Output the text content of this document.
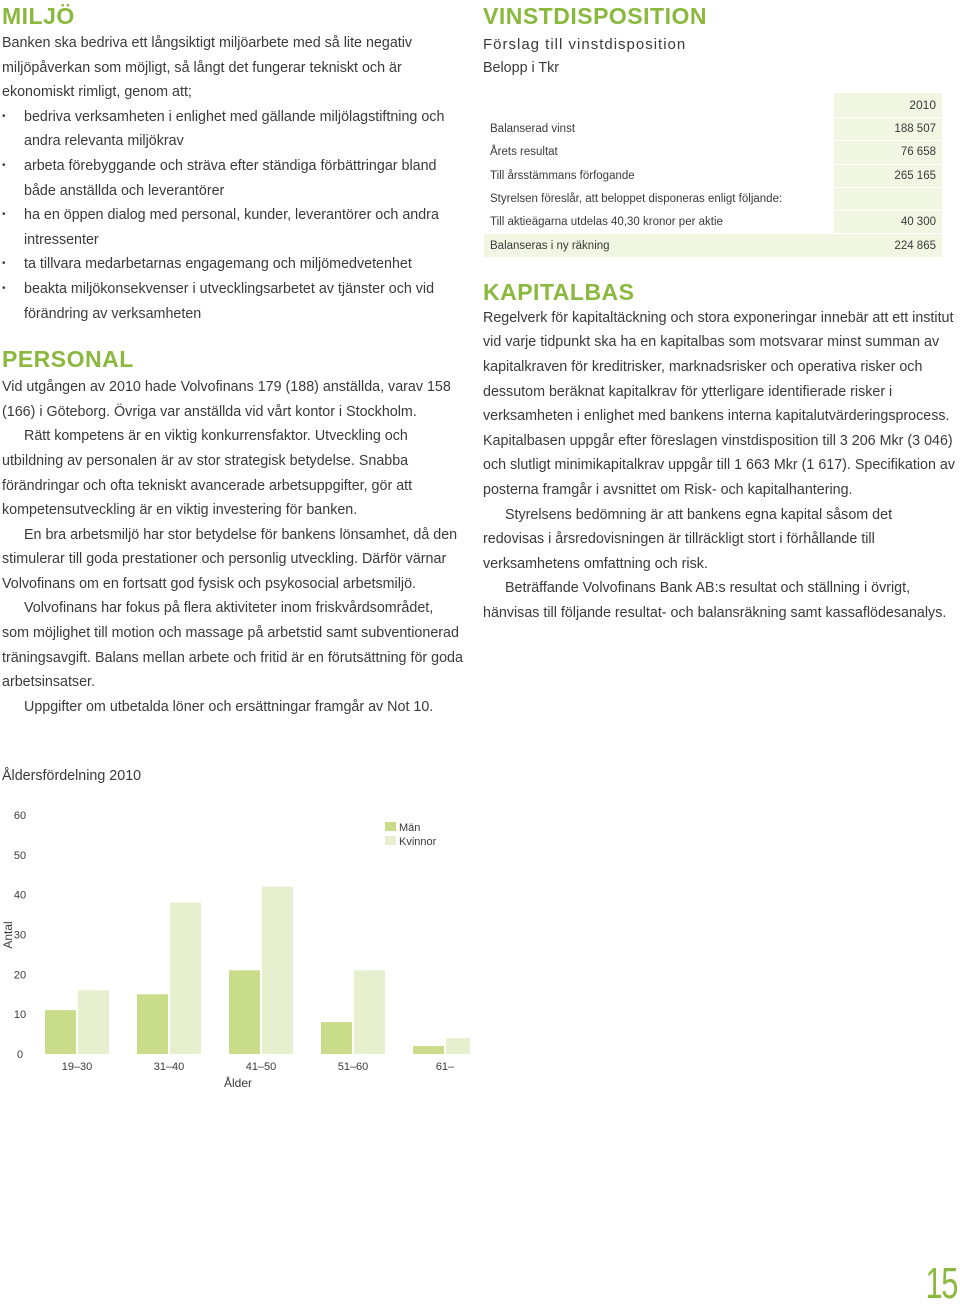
MILJÖ

Banken ska bedriva ett långsiktigt miljöarbete med så lite negativ miljöpåverkan som möjligt, så långt det fungerar tekniskt och är ekonomiskt rimligt, genom att;

• bedriva verksamheten i enlighet med gällande miljölagstiftning och andra relevanta miljökrav
• arbeta förebyggande och sträva efter ständiga förbättringar bland både anställda och leverantörer
• ha en öppen dialog med personal, kunder, leverantörer och andra intressenter
• ta tillvara medarbetarnas engagemang och miljömedvetenhet
• beakta miljökonsekvenser i utvecklingsarbetet av tjänster och vid förändring av verksamheten
PERSONAL

Vid utgången av 2010 hade Volvofinans 179 (188) anställda, varav 158 (166) i Göteborg. Övriga var anställda vid vårt kontor i Stockholm.

Rätt kompetens är en viktig konkurrensfaktor. Utveckling och utbildning av personalen är av stor strategisk betydelse. Snabba förändringar och ofta tekniskt avancerade arbetsuppgifter, gör att kompetensutveckling är en viktig investering för banken.

En bra arbetsmiljö har stor betydelse för bankens lönsamhet, då den stimulerar till goda prestationer och personlig utveckling. Därför värnar Volvofinans om en fortsatt god fysisk och psykosocial arbetsmiljö.

Volvofinans har fokus på flera aktiviteter inom friskvårdsområdet, som möjlighet till motion och massage på arbetstid samt subventionerad träningsavgift. Balans mellan arbete och fritid är en förutsättning för goda arbetsinsatser.

Uppgifter om utbetalda löner och ersättningar framgår av Not 10.

VINSTDISPOSITION

Förslag till vinstdisposition

Belopp i Tkr

	2010
Balanserad vinst	188 507
Årets resultat	76 658
Till årsstämmans förfogande	265 165
Styrelsen föreslår, att beloppet disponeras enligt följande:	
Till aktieägarna utdelas 40,30 kronor per aktie	40 300
Balanseras i ny räkning	224 865
KAPITALBAS

Regelverk för kapitaltäckning och stora exponeringar innebär att ett institut vid varje tidpunkt ska ha en kapitalbas som motsvarar minst summan av kapitalkraven för kreditrisker, marknadsrisker och operativa risker och dessutom beräknat kapitalkrav för ytterligare identifierade risker i verksamheten i enlighet med bankens interna kapitalutvärderingsprocess. Kapitalbasen uppgår efter föreslagen vinstdisposition till 3 206 Mkr (3 046) och slutligt minimikapitalkrav uppgår till 1 663 Mkr (1 617). Specifikation av posterna framgår i avsnittet om Risk- och kapitalhantering.

Styrelsens bedömning är att bankens egna kapital såsom det redovisas i årsredovisningen är tillräckligt stort i förhållande till verksamhetens omfattning och risk.

Beträffande Volvofinans Bank AB:s resultat och ställning i övrigt, hänvisas till följande resultat- och balansräkning samt kassaflödesanalys.

Åldersfördelning 2010
Antal
Ålder
Män
Kvinnor
0
10
20
30
40
50
60
19–30	31–40	41–50	51–60	61–
15
